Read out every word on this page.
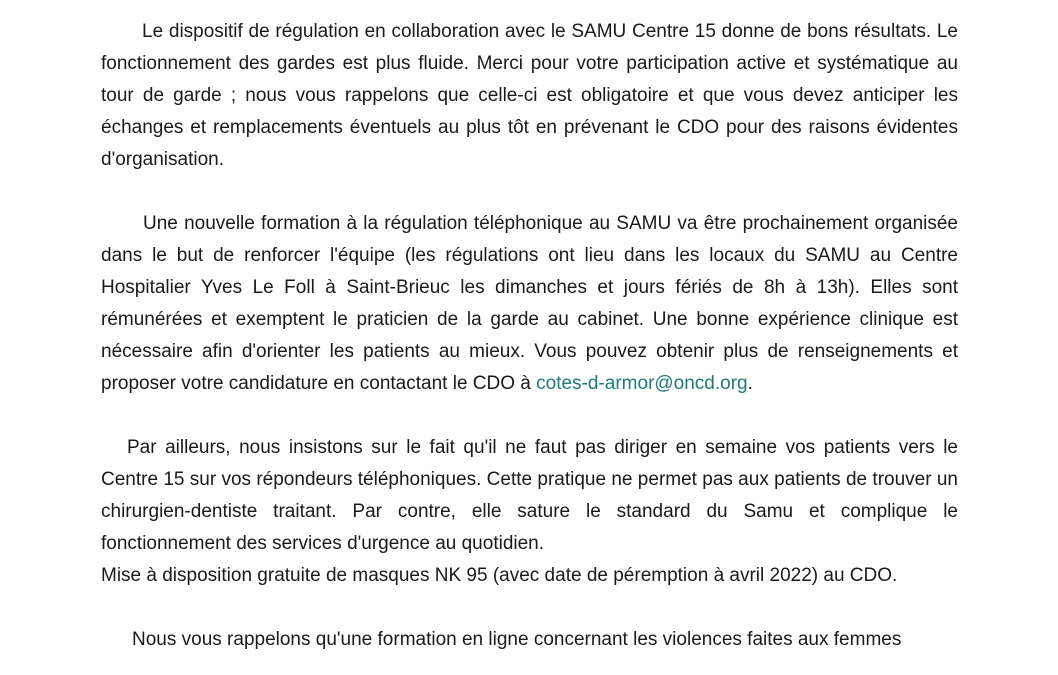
Le dispositif de régulation en collaboration avec le SAMU Centre 15 donne de bons résultats. Le fonctionnement des gardes est plus fluide. Merci pour votre participation active et systématique au tour de garde ; nous vous rappelons que celle-ci est obligatoire et que vous devez anticiper les échanges et remplacements éventuels au plus tôt en prévenant le CDO pour des raisons évidentes d'organisation.

Une nouvelle formation à la régulation téléphonique au SAMU va être prochainement organisée dans le but de renforcer l'équipe (les régulations ont lieu dans les locaux du SAMU au Centre Hospitalier Yves Le Foll à Saint-Brieuc les dimanches et jours fériés de 8h à 13h). Elles sont rémunérées et exemptent le praticien de la garde au cabinet. Une bonne expérience clinique est nécessaire afin d'orienter les patients au mieux. Vous pouvez obtenir plus de renseignements et proposer votre candidature en contactant le CDO à cotes-d-armor@oncd.org.

Par ailleurs, nous insistons sur le fait qu'il ne faut pas diriger en semaine vos patients vers le Centre 15 sur vos répondeurs téléphoniques. Cette pratique ne permet pas aux patients de trouver un chirurgien-dentiste traitant. Par contre, elle sature le standard du Samu et complique le fonctionnement des services d'urgence au quotidien.

Mise à disposition gratuite de masques NK 95 (avec date de péremption à avril 2022) au CDO.

Nous vous rappelons qu'une formation en ligne concernant les violences faites aux femmes
